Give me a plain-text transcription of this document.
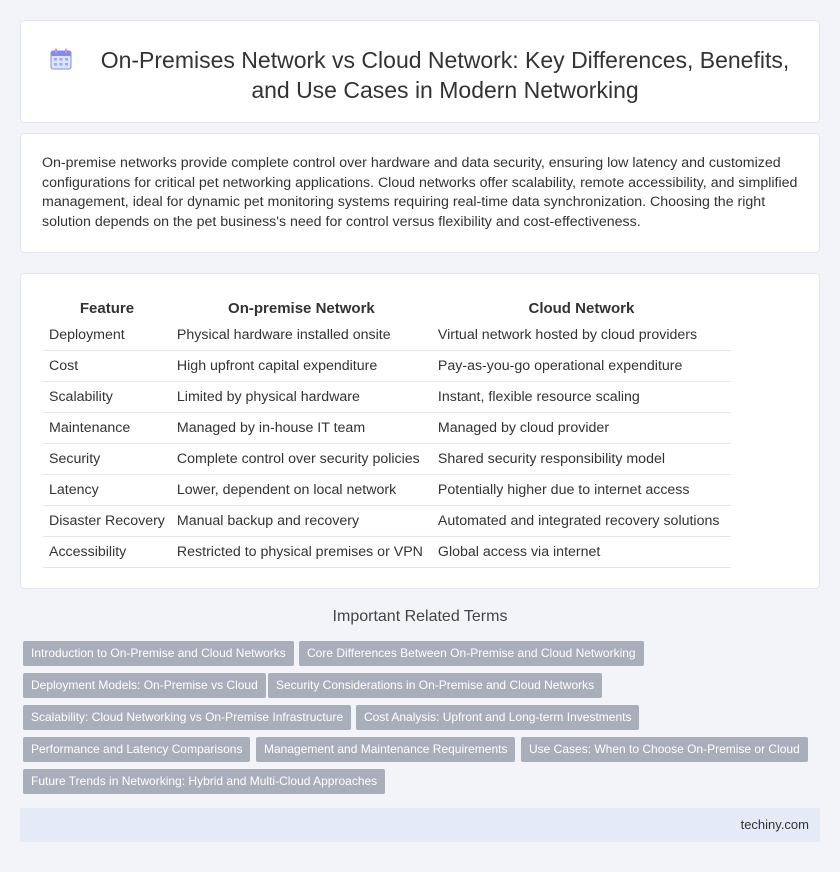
On-Premises Network vs Cloud Network: Key Differences, Benefits, and Use Cases in Modern Networking

On-premise networks provide complete control over hardware and data security, ensuring low latency and customized configurations for critical pet networking applications. Cloud networks offer scalability, remote accessibility, and simplified management, ideal for dynamic pet monitoring systems requiring real-time data synchronization. Choosing the right solution depends on the pet business's need for control versus flexibility and cost-effectiveness.

Feature	On-premise Network	Cloud Network
Deployment	Physical hardware installed onsite	Virtual network hosted by cloud providers
Cost	High upfront capital expenditure	Pay-as-you-go operational expenditure
Scalability	Limited by physical hardware	Instant, flexible resource scaling
Maintenance	Managed by in-house IT team	Managed by cloud provider
Security	Complete control over security policies	Shared security responsibility model
Latency	Lower, dependent on local network	Potentially higher due to internet access
Disaster Recovery	Manual backup and recovery	Automated and integrated recovery solutions
Accessibility	Restricted to physical premises or VPN	Global access via internet
Important Related Terms
Introduction to On-Premise and Cloud Networks	Core Differences Between On-Premise and Cloud Networking
Deployment Models: On-Premise vs Cloud	Security Considerations in On-Premise and Cloud Networks
Scalability: Cloud Networking vs On-Premise Infrastructure	Cost Analysis: Upfront and Long-term Investments
Performance and Latency Comparisons	Management and Maintenance Requirements	Use Cases: When to Choose On-Premise or Cloud
Future Trends in Networking: Hybrid and Multi-Cloud Approaches
techiny.com
